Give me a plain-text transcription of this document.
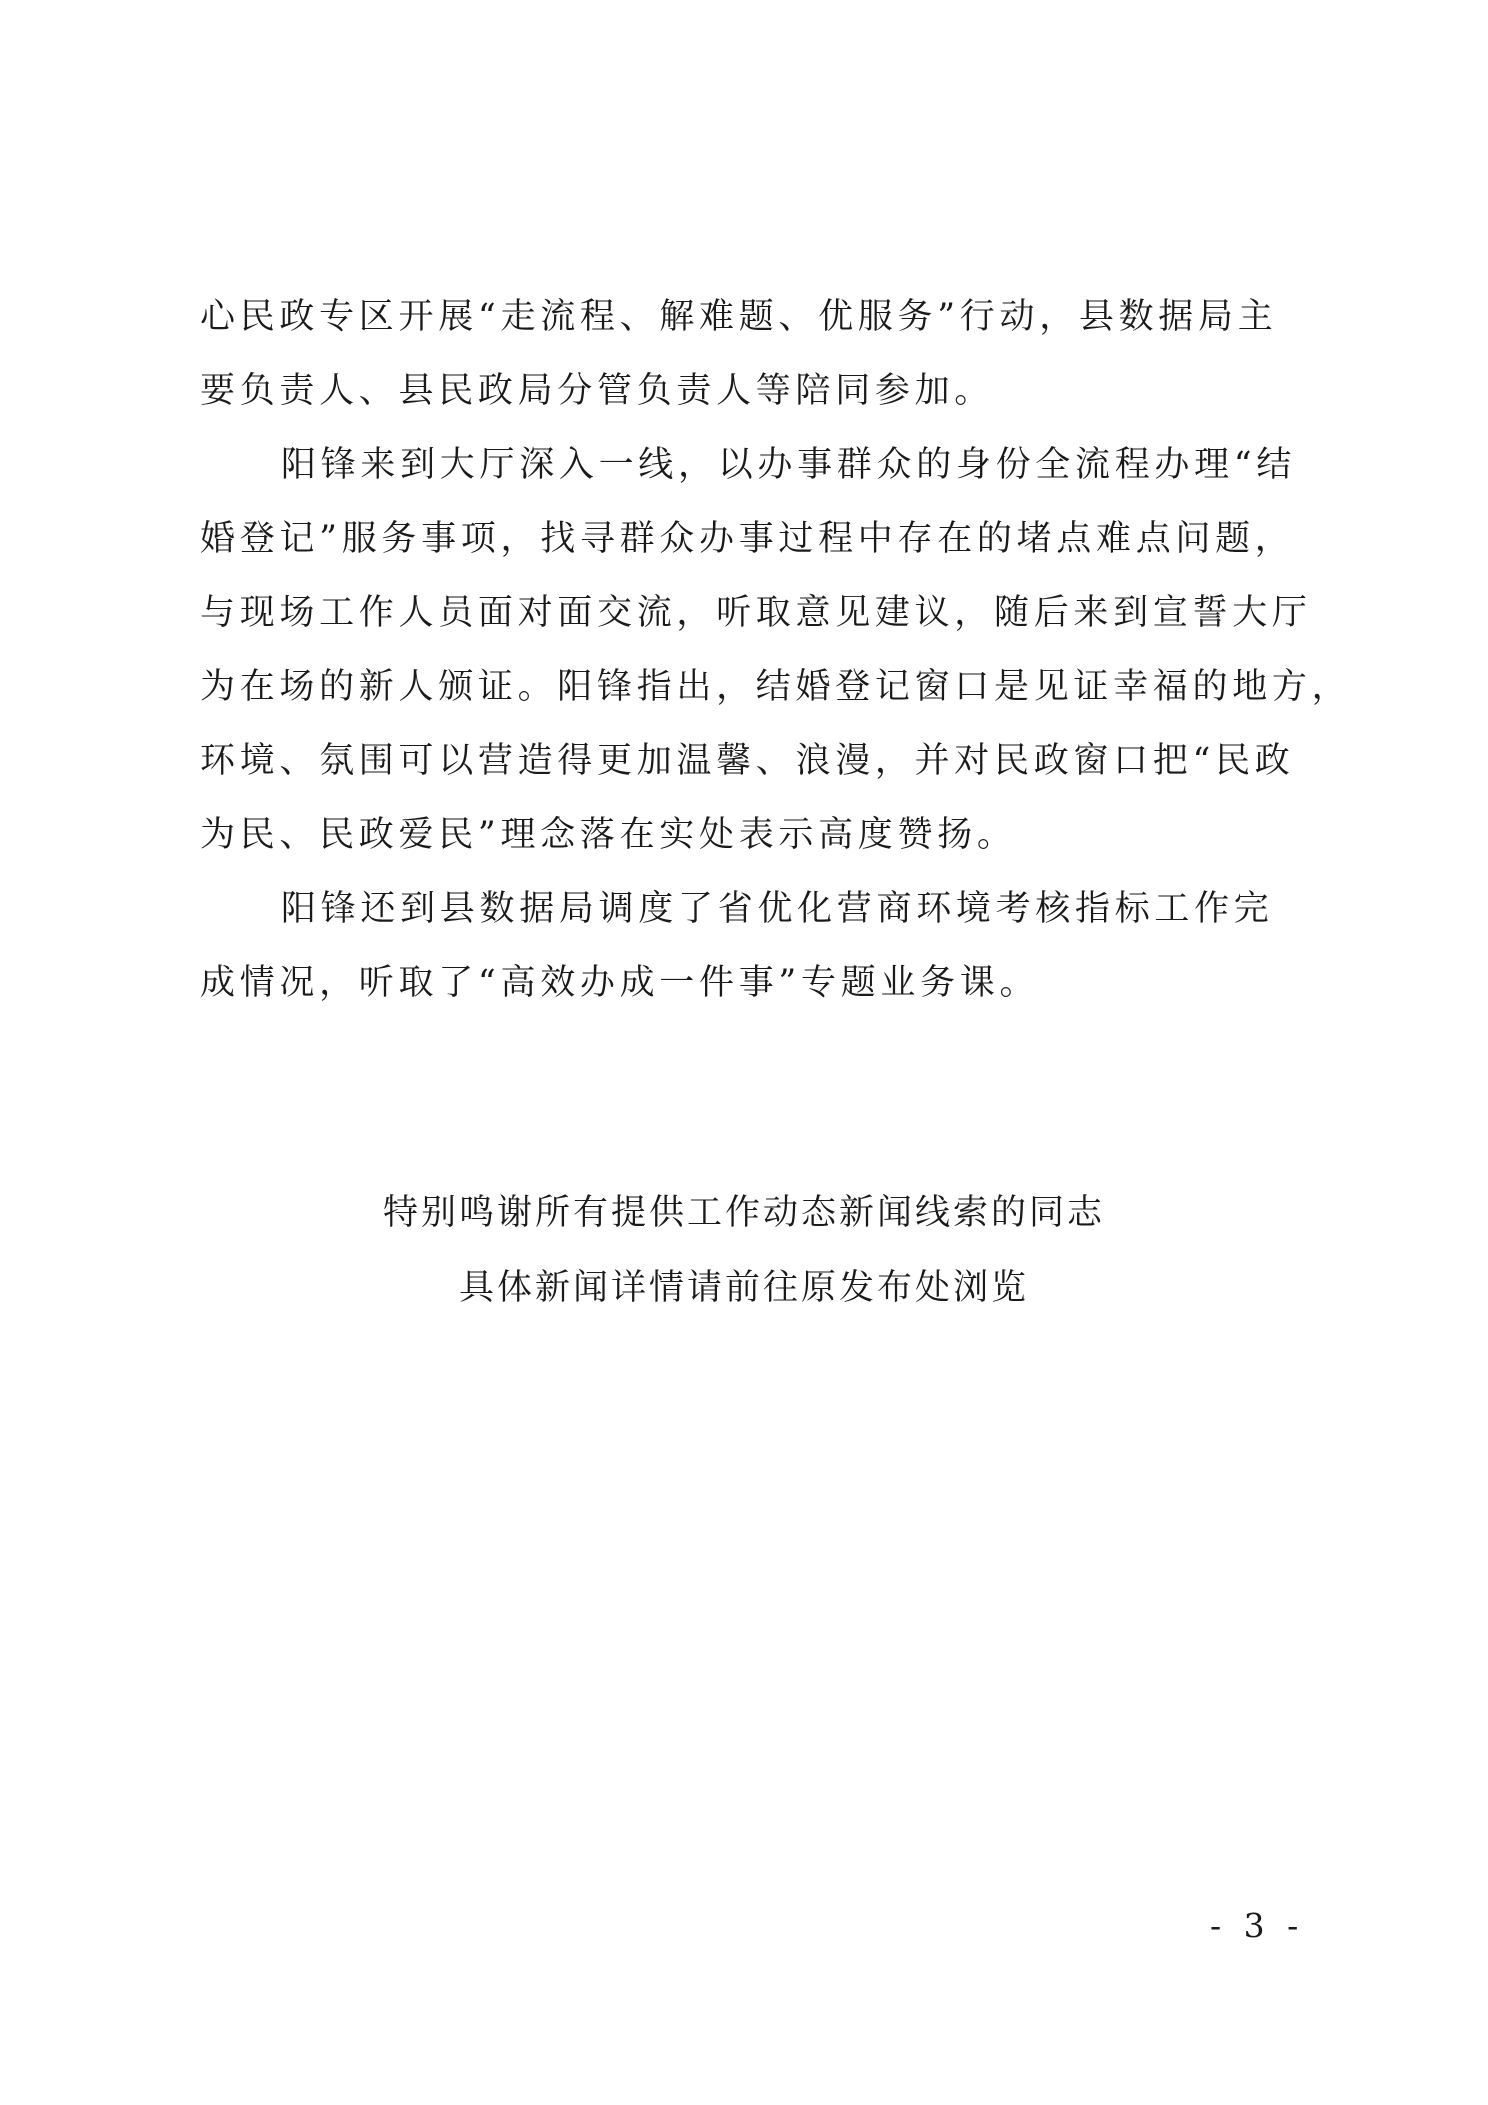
心民政专区开展“走流程、解难题、优服务”行动，县数据局主
要负责人、县民政局分管负责人等陪同参加。
阳锋来到大厅深入一线，以办事群众的身份全流程办理“结
婚登记”服务事项，找寻群众办事过程中存在的堵点难点问题，
与现场工作人员面对面交流，听取意见建议，随后来到宣誓大厅
为在场的新人颁证。阳锋指出，结婚登记窗口是见证幸福的地方，
环境、氛围可以营造得更加温馨、浪漫，并对民政窗口把“民政
为民、民政爱民”理念落在实处表示高度赞扬。
阳锋还到县数据局调度了省优化营商环境考核指标工作完
成情况，听取了“高效办成一件事”专题业务课。
特别鸣谢所有提供工作动态新闻线索的同志
具体新闻详情请前往原发布处浏览
- 3 -
